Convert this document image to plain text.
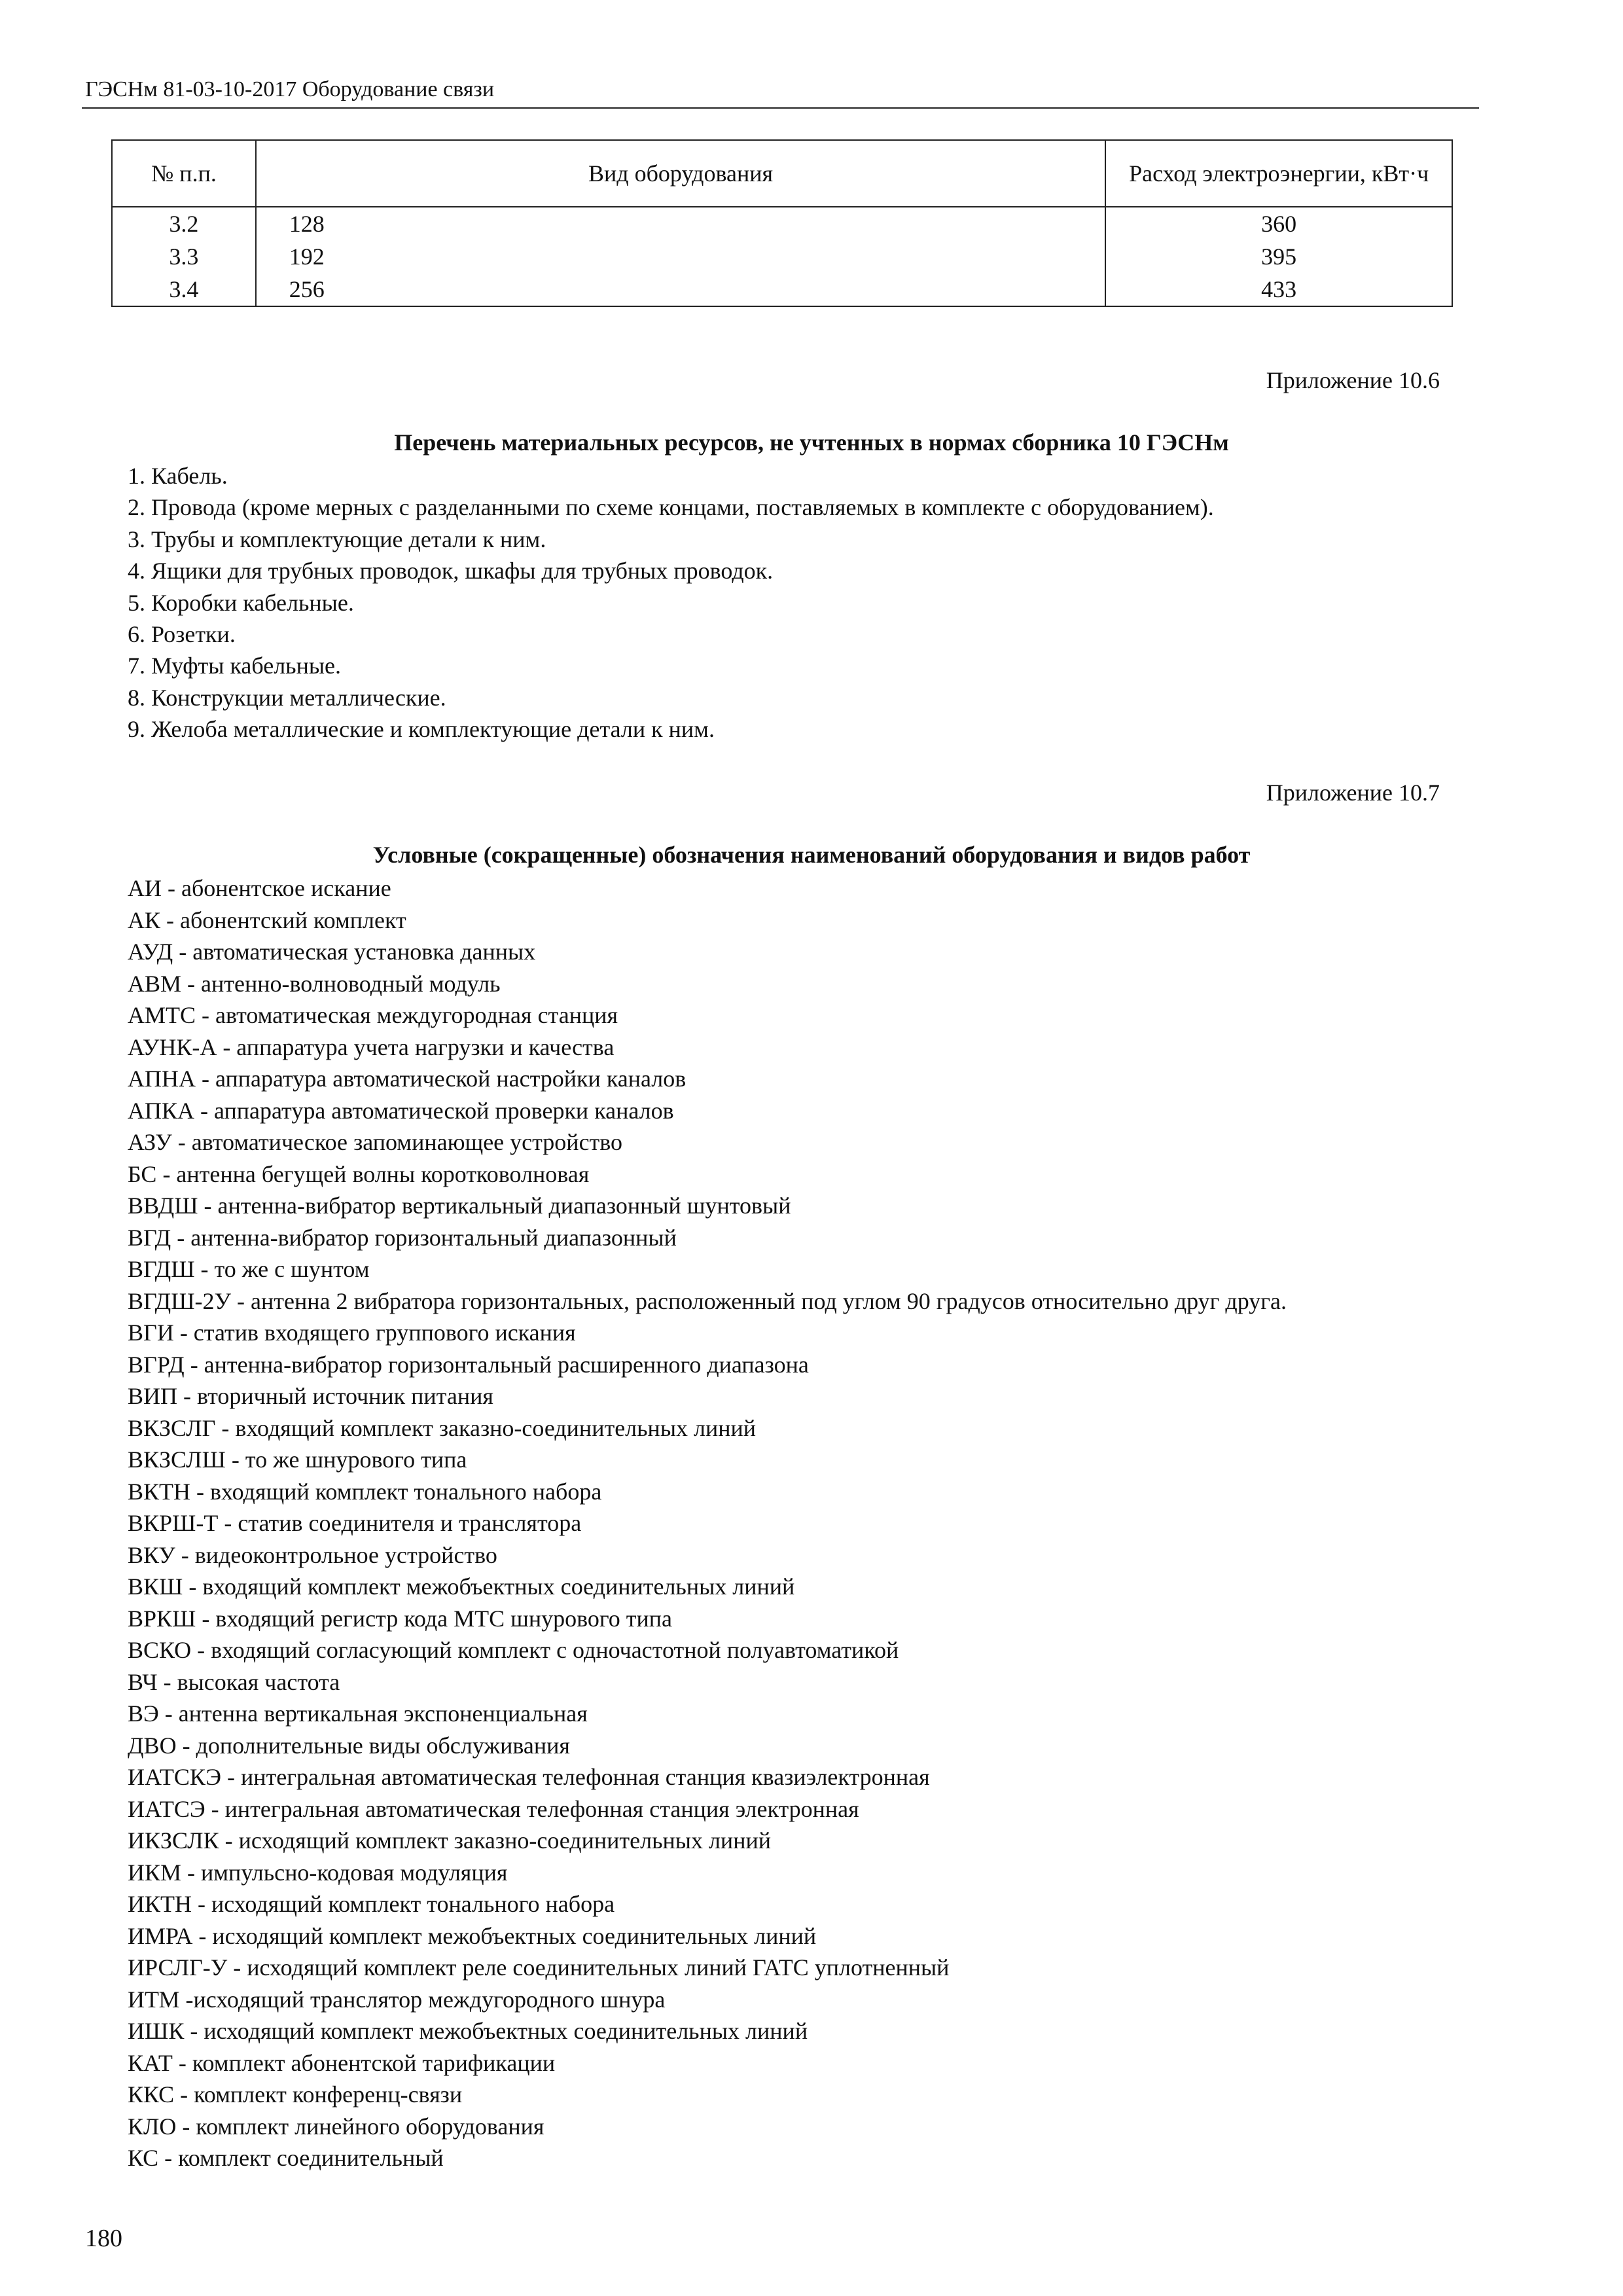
ГЭСНм 81-03-10-2017 Оборудование связи
№ п.п.	Вид оборудования	Расход электроэнергии, кВт·ч
3.2	128	360
3.3	192	395
3.4	256	433
Приложение 10.6
Перечень материальных ресурсов, не учтенных в нормах сборника 10 ГЭСНм
1. Кабель.
2. Провода (кроме мерных с разделанными по схеме концами, поставляемых в комплекте с оборудованием).
3. Трубы и комплектующие детали к ним.
4. Ящики для трубных проводок, шкафы для трубных проводок.
5. Коробки кабельные.
6. Розетки.
7. Муфты кабельные.
8. Конструкции металлические.
9. Желоба металлические и комплектующие детали к ним.
Приложение 10.7
Условные (сокращенные) обозначения наименований оборудования и видов работ
АИ - абонентское искание
АК - абонентский комплект
АУД - автоматическая установка данных
АВМ - антенно-волноводный модуль
АМТС - автоматическая междугородная станция
АУНК-А - аппаратура учета нагрузки и качества
АПНА - аппаратура автоматической настройки каналов
АПКА - аппаратура автоматической проверки каналов
АЗУ - автоматическое запоминающее устройство
БС - антенна бегущей волны коротковолновая
ВВДШ - антенна-вибратор вертикальный диапазонный шунтовый
ВГД - антенна-вибратор горизонтальный диапазонный
ВГДШ - то же с шунтом
ВГДШ-2У - антенна 2 вибратора горизонтальных, расположенный под углом 90 градусов относительно друг друга.
ВГИ - статив входящего группового искания
ВГРД - антенна-вибратор горизонтальный расширенного диапазона
ВИП - вторичный источник питания
ВКЗСЛГ - входящий комплект заказно-соединительных линий
ВКЗСЛШ - то же шнурового типа
ВКТН - входящий комплект тонального набора
ВКРШ-Т - статив соединителя и транслятора
ВКУ - видеоконтрольное устройство
ВКШ - входящий комплект межобъектных соединительных линий
ВРКШ - входящий регистр кода МТС шнурового типа
ВСКО - входящий согласующий комплект с одночастотной полуавтоматикой
ВЧ - высокая частота
ВЭ - антенна вертикальная экспоненциальная
ДВО - дополнительные виды обслуживания
ИАТСКЭ - интегральная автоматическая телефонная станция квазиэлектронная
ИАТСЭ - интегральная автоматическая телефонная станция электронная
ИКЗСЛК - исходящий комплект заказно-соединительных линий
ИКМ - импульсно-кодовая модуляция
ИКТН - исходящий комплект тонального набора
ИМРА - исходящий комплект межобъектных соединительных линий
ИРСЛГ-У - исходящий комплект реле соединительных линий ГАТС уплотненный
ИТМ -исходящий транслятор междугородного шнура
ИШК - исходящий комплект межобъектных соединительных линий
КАТ - комплект абонентской тарификации
ККС - комплект конференц-связи
КЛО - комплект линейного оборудования
КС - комплект соединительный
180
